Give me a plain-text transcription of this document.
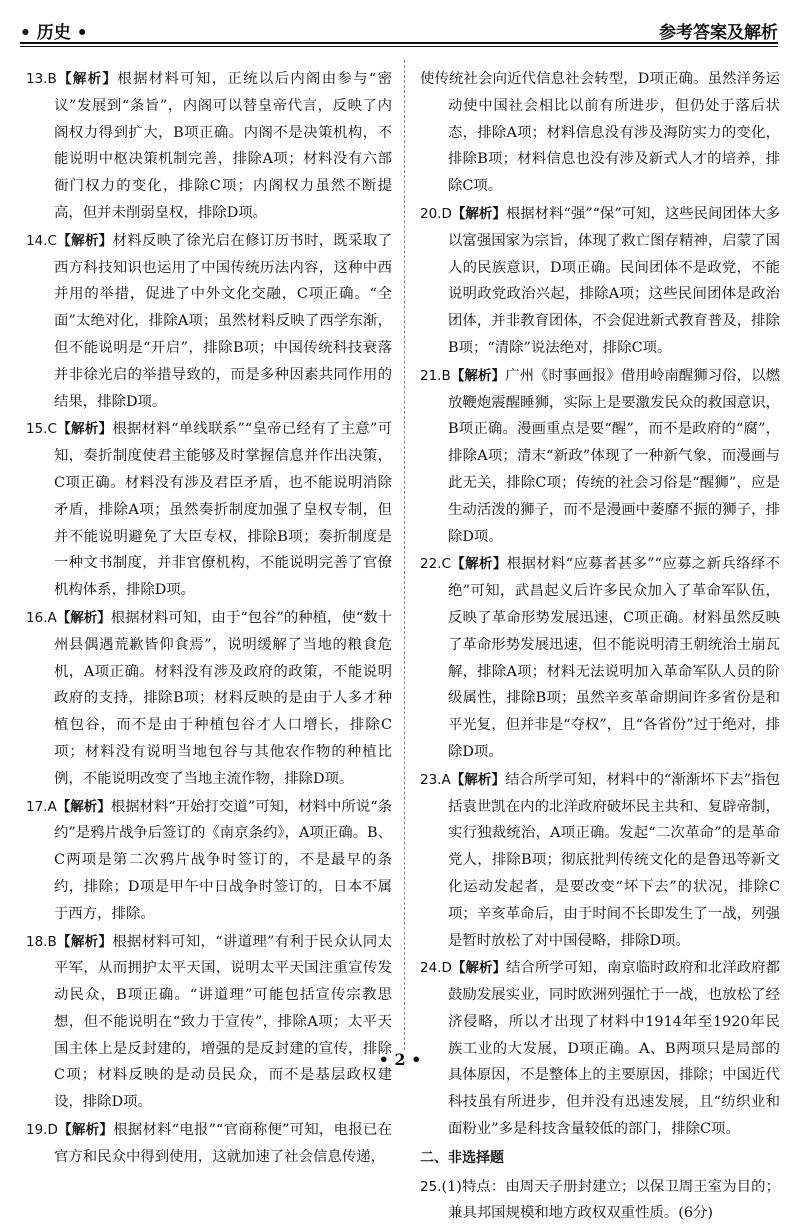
• 历史 •	参考答案及解析

13.B【解析】根据材料可知，正统以后内阁由参与“密议”发展到“条旨”，内阁可以替皇帝代言，反映了内阁权力得到扩大，B项正确。内阁不是决策机构，不能说明中枢决策机制完善，排除A项；材料没有六部衙门权力的变化，排除C项；内阁权力虽然不断提高，但并未削弱皇权，排除D项。

14.C【解析】材料反映了徐光启在修订历书时，既采取了西方科技知识也运用了中国传统历法内容，这种中西并用的举措，促进了中外文化交融，C项正确。“全面”太绝对化，排除A项；虽然材料反映了西学东渐，但不能说明是“开启”，排除B项；中国传统科技衰落并非徐光启的举措导致的，而是多种因素共同作用的结果，排除D项。

15.C【解析】根据材料“单线联系”“皇帝已经有了主意”可知，奏折制度使君主能够及时掌握信息并作出决策，C项正确。材料没有涉及君臣矛盾，也不能说明消除矛盾，排除A项；虽然奏折制度加强了皇权专制，但并不能说明避免了大臣专权，排除B项；奏折制度是一种文书制度，并非官僚机构，不能说明完善了官僚机构体系，排除D项。

16.A【解析】根据材料可知，由于“包谷”的种植，使“数十州县偶遇荒歉皆仰食焉”，说明缓解了当地的粮食危机，A项正确。材料没有涉及政府的政策，不能说明政府的支持，排除B项；材料反映的是由于人多才种植包谷，而不是由于种植包谷才人口增长，排除C项；材料没有说明当地包谷与其他农作物的种植比例，不能说明改变了当地主流作物，排除D项。

17.A【解析】根据材料“开始打交道”可知，材料中所说“条约”是鸦片战争后签订的《南京条约》，A项正确。B、C两项是第二次鸦片战争时签订的，不是最早的条约，排除；D项是甲午中日战争时签订的，日本不属于西方，排除。

18.B【解析】根据材料可知，“讲道理”有利于民众认同太平军，从而拥护太平天国，说明太平天国注重宣传发动民众，B项正确。“讲道理”可能包括宣传宗教思想，但不能说明在“致力于宣传”，排除A项；太平天国主体上是反封建的，增强的是反封建的宣传，排除C项；材料反映的是动员民众，而不是基层政权建设，排除D项。

19.D【解析】根据材料“电报”“官商称便”可知，电报已在官方和民众中得到使用，这就加速了社会信息传递，

使传统社会向近代信息社会转型，D项正确。虽然洋务运动使中国社会相比以前有所进步，但仍处于落后状态，排除A项；材料信息没有涉及海防实力的变化，排除B项；材料信息也没有涉及新式人才的培养，排除C项。

20.D【解析】根据材料“强”“保”可知，这些民间团体大多以富强国家为宗旨，体现了救亡图存精神，启蒙了国人的民族意识，D项正确。民间团体不是政党，不能说明政党政治兴起，排除A项；这些民间团体是政治团体，并非教育团体，不会促进新式教育普及，排除B项；“清除”说法绝对，排除C项。

21.B【解析】广州《时事画报》借用岭南醒狮习俗，以燃放鞭炮震醒睡狮，实际上是要激发民众的救国意识，B项正确。漫画重点是要“醒”，而不是政府的“腐”，排除A项；清末“新政”体现了一种新气象，而漫画与此无关，排除C项；传统的社会习俗是“醒狮”，应是生动活泼的狮子，而不是漫画中萎靡不振的狮子，排除D项。

22.C【解析】根据材料“应募者甚多”“应募之新兵络绎不绝”可知，武昌起义后许多民众加入了革命军队伍，反映了革命形势发展迅速，C项正确。材料虽然反映了革命形势发展迅速，但不能说明清王朝统治土崩瓦解，排除A项；材料无法说明加入革命军队人员的阶级属性，排除B项；虽然辛亥革命期间许多省份是和平光复，但并非是“夺权”，且“各省份”过于绝对，排除D项。

23.A【解析】结合所学可知，材料中的“渐渐坏下去”指包括袁世凯在内的北洋政府破坏民主共和、复辟帝制，实行独裁统治，A项正确。发起“二次革命”的是革命党人，排除B项；彻底批判传统文化的是鲁迅等新文化运动发起者，是要改变“坏下去”的状况，排除C项；辛亥革命后，由于时间不长即发生了一战，列强是暂时放松了对中国侵略，排除D项。

24.D【解析】结合所学可知，南京临时政府和北洋政府都鼓励发展实业，同时欧洲列强忙于一战，也放松了经济侵略，所以才出现了材料中1914年至1920年民族工业的大发展，D项正确。A、B两项只是局部的具体原因，不是整体上的主要原因，排除；中国近代科技虽有所进步，但并没有迅速发展，且“纺织业和面粉业”多是科技含量较低的部门，排除C项。

二、非选择题

25.(1)特点：由周天子册封建立；以保卫周王室为目的；兼具邦国规模和地方政权双重性质。(6分)

• 2 •
